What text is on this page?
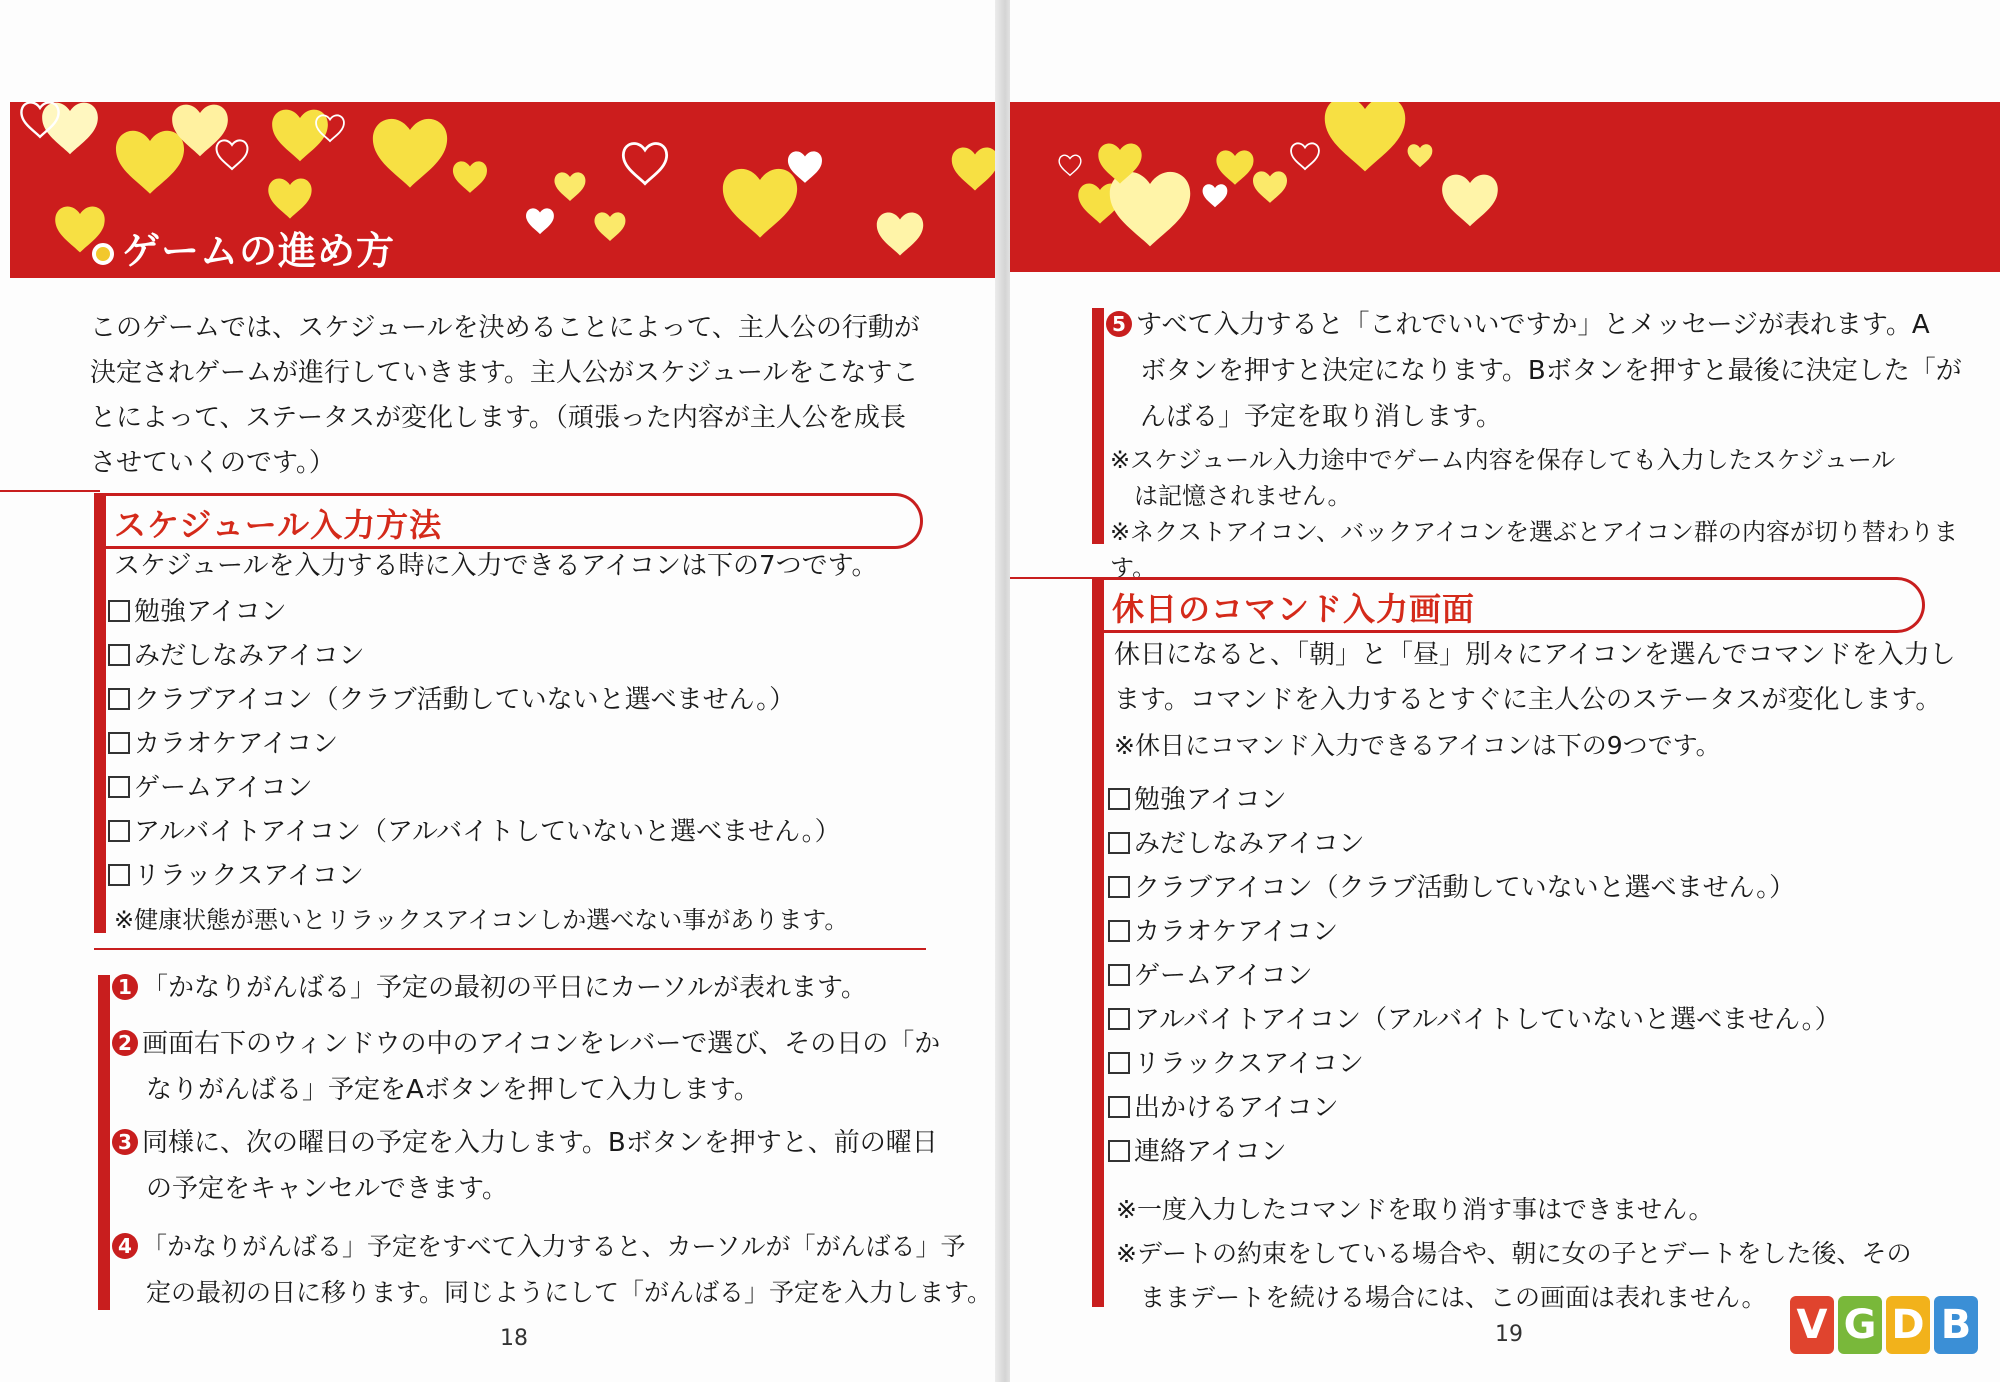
ゲームの進め方
このゲームでは、スケジュールを決めることによって、主人公の行動が決定されゲームが進行していきます。主人公がスケジュールをこなすことによって、ステータスが変化します。（頑張った内容が主人公を成長させていくのです。）
スケジュール入力方法
スケジュールを入力する時に入力できるアイコンは下の7つです。
勉強アイコン
みだしなみアイコン
クラブアイコン（クラブ活動していないと選べません。）
カラオケアイコン
ゲームアイコン
アルバイトアイコン（アルバイトしていないと選べません。）
リラックスアイコン
※健康状態が悪いとリラックスアイコンしか選べない事があります。
1 「かなりがんばる」予定の最初の平日にカーソルが表れます。
2 画面右下のウィンドウの中のアイコンをレバーで選び、その日の「か
なりがんばる」予定をAボタンを押して入力します。
3 同様に、次の曜日の予定を入力します。Bボタンを押すと、前の曜日
の予定をキャンセルできます。
4 「かなりがんばる」予定をすべて入力すると、カーソルが「がんばる」予
定の最初の日に移ります。同じようにして「がんばる」予定を入力します。
18
5 すべて入力すると「これでいいですか」とメッセージが表れます。A
ボタンを押すと決定になります。Bボタンを押すと最後に決定した「が
んばる」予定を取り消します。
※スケジュール入力途中でゲーム内容を保存しても入力したスケジュール
は記憶されません。
※ネクストアイコン、バックアイコンを選ぶとアイコン群の内容が切り替わります。
休日のコマンド入力画面
休日になると、「朝」と「昼」別々にアイコンを選んでコマンドを入力し
ます。コマンドを入力するとすぐに主人公のステータスが変化します。
※休日にコマンド入力できるアイコンは下の9つです。
勉強アイコン
みだしなみアイコン
クラブアイコン（クラブ活動していないと選べません。）
カラオケアイコン
ゲームアイコン
アルバイトアイコン（アルバイトしていないと選べません。）
リラックスアイコン
出かけるアイコン
連絡アイコン
※一度入力したコマンドを取り消す事はできません。
※デートの約束をしている場合や、朝に女の子とデートをした後、その
ままデートを続ける場合には、この画面は表れません。
19	V G D B
